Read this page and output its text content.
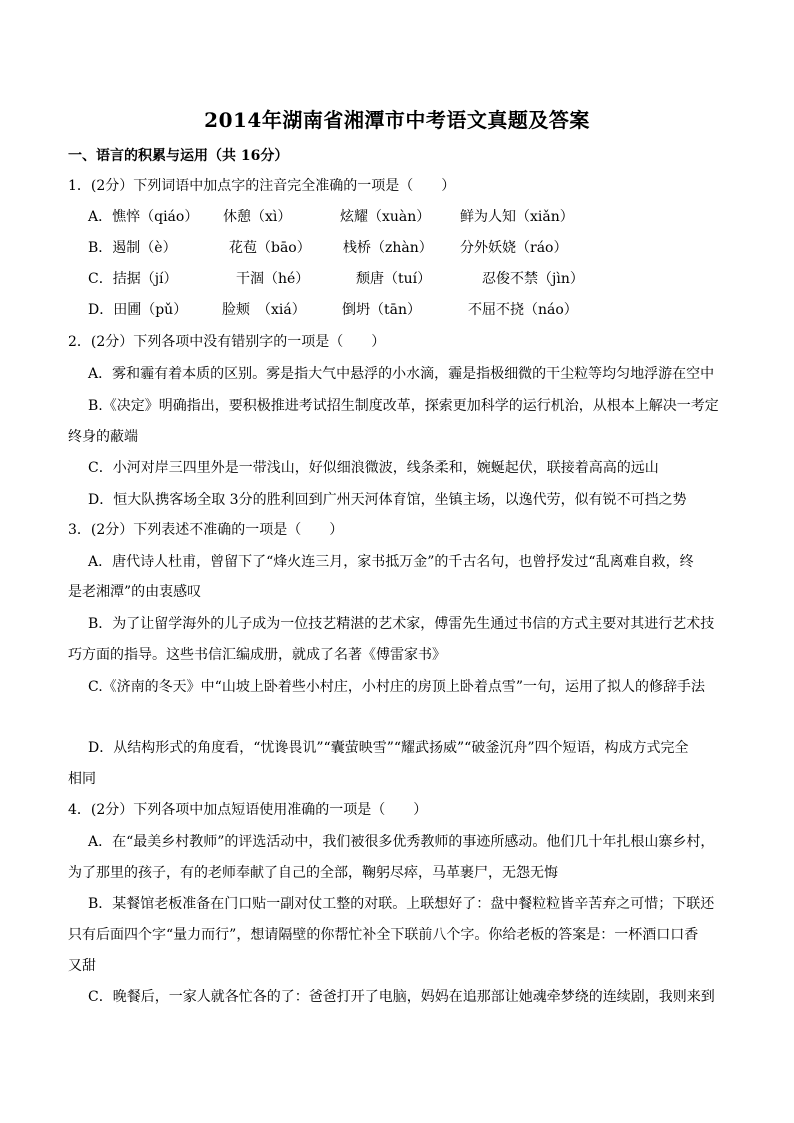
2014年湖南省湘潭市中考语文真题及答案
一、语言的积累与运用（共 16分）
1．(2分）下列词语中加点字的注音完全准确的一项是（　　）
A．憔悴（qiáo） 休憩（xì）	炫耀（xuàn） 鲜为人知（xiǎn）
B．遏制（è）	花苞（bāo） 栈桥（zhàn） 分外妖娆（ráo）
C．拮据（jí）	干涸（hé）	颓唐（tuí）	忍俊不禁（jìn）
D．田圃（pǔ） 脸颊　（xiá）	倒坍（tān）	不屈不挠（náo）
2．(2分）下列各项中没有错别字的一项是（　　）
A．雾和霾有着本质的区别。雾是指大气中悬浮的小水滴，霾是指极细微的干尘粒等均匀地浮游在空中
B.《决定》明确指出，要积极推进考试招生制度改革，探索更加科学的运行机治，从根本上解决一考定
终身的蔽端
C．小河对岸三四里外是一带浅山，好似细浪微波，线条柔和，婉蜒起伏，联接着高高的远山
D．恒大队携客场全取 3分的胜利回到广州天河体育馆，坐镇主场，以逸代劳，似有锐不可挡之势
3．(2分）下列表述不准确的一项是（　　）
A．唐代诗人杜甫，曾留下了“烽火连三月，家书抵万金”的千古名句，也曾抒发过“乱离难自救，终
是老湘潭”的由衷感叹
B．为了让留学海外的儿子成为一位技艺精湛的艺术家，傅雷先生通过书信的方式主要对其进行艺术技
巧方面的指导。这些书信汇编成册，就成了名著《傅雷家书》
C.《济南的冬天》中“山坡上卧着些小村庄，小村庄的房顶上卧着点雪”一句，运用了拟人的修辞手法
D．从结构形式的角度看，“忧谗畏讥”“囊萤映雪”“耀武扬威”“破釜沉舟”四个短语，构成方式完全
相同
4．(2分）下列各项中加点短语使用准确的一项是（　　）
A．在“最美乡村教师”的评选活动中，我们被很多优秀教师的事迹所感动。他们几十年扎根山寨乡村，
为了那里的孩子，有的老师奉献了自己的全部，鞠躬尽瘁，马革裹尸，无怨无悔
B．某餐馆老板准备在门口贴一副对仗工整的对联。上联想好了：盘中餐粒粒皆辛苦弃之可惜；下联还
只有后面四个字“量力而行”，想请隔壁的你帮忙补全下联前八个字。你给老板的答案是：一杯酒口口香
又甜
C．晚餐后，一家人就各忙各的了：爸爸打开了电脑，妈妈在追那部让她魂牵梦绕的连续剧，我则来到
